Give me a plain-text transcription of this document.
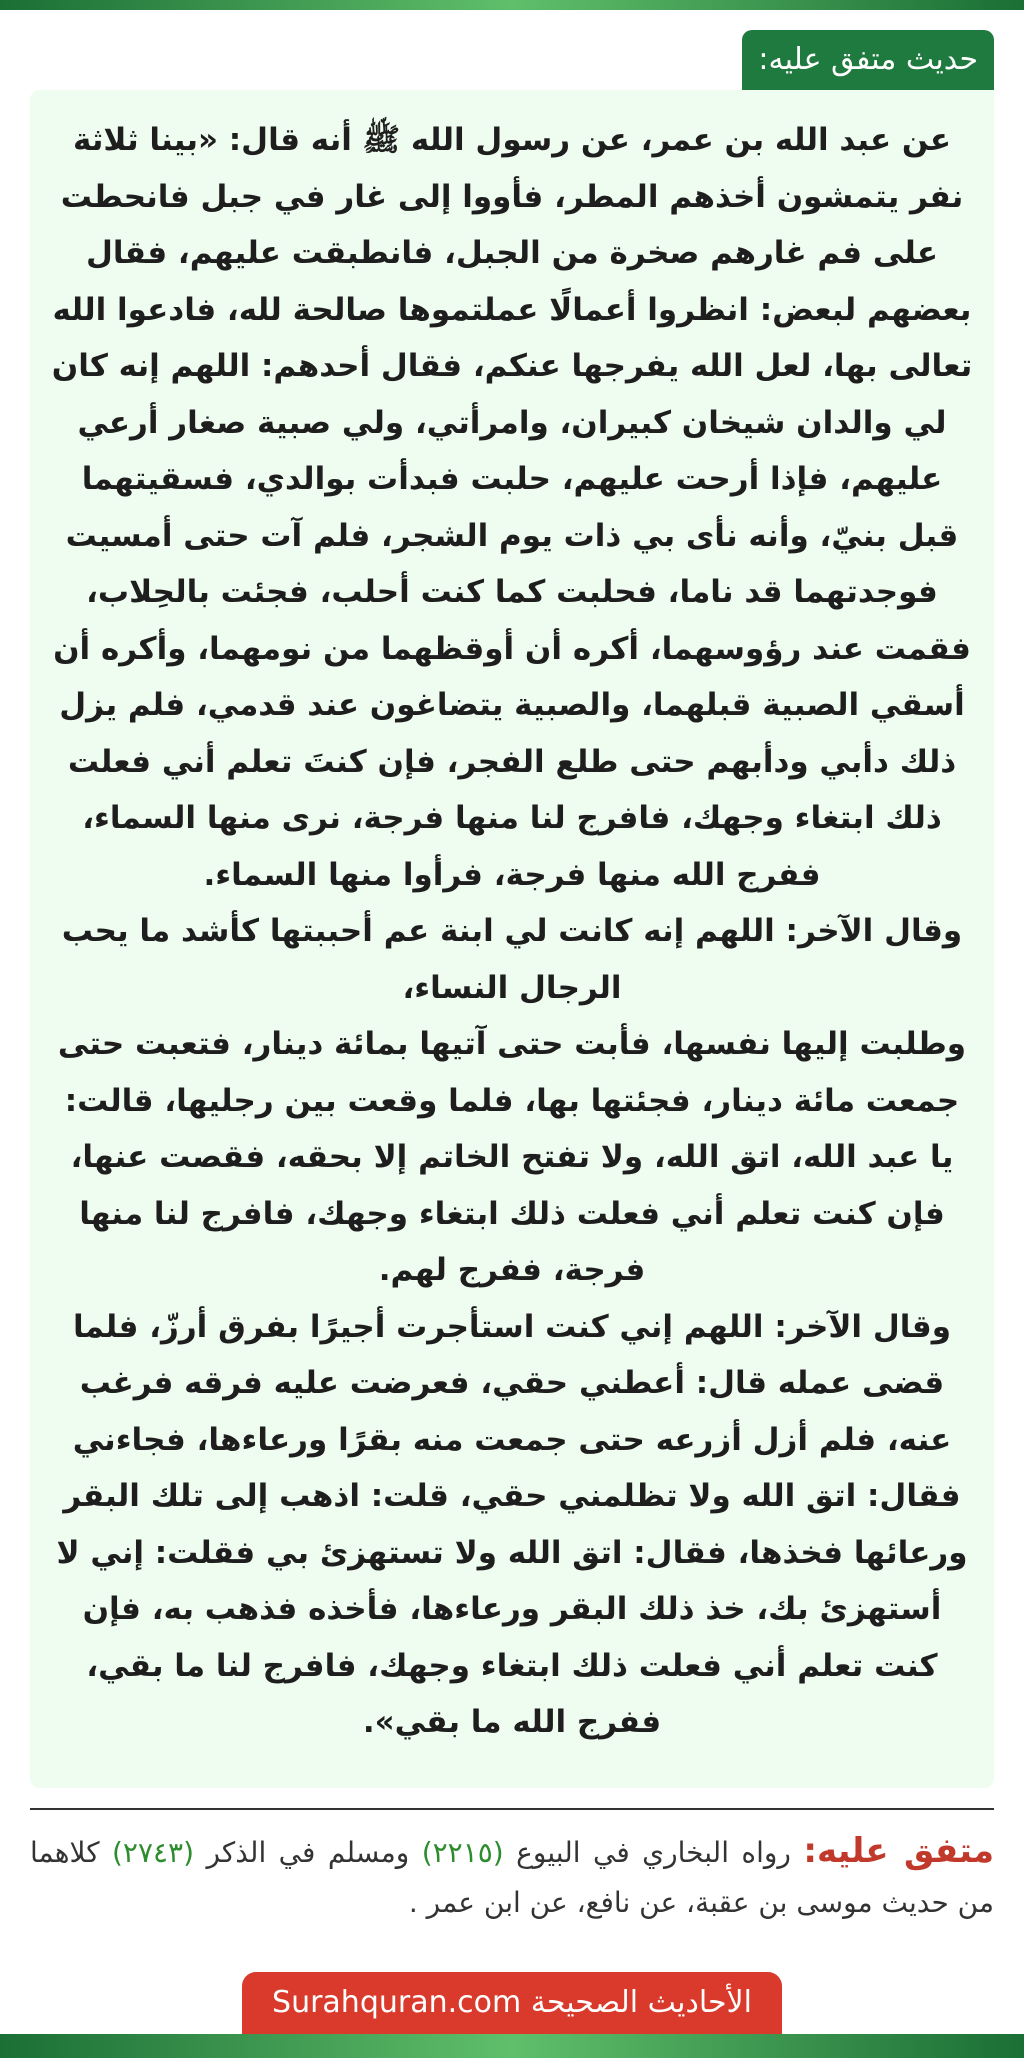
حديث متفق عليه:

عن عبد الله بن عمر، عن رسول الله ﷺ أنه قال: «بينا ثلاثة نفر يتمشون أخذهم المطر، فأووا إلى غار في جبل فانحطت على فم غارهم صخرة من الجبل، فانطبقت عليهم، فقال بعضهم لبعض: انظروا أعمالًا عملتموها صالحة لله، فادعوا الله تعالى بها، لعل الله يفرجها عنكم، فقال أحدهم: اللهم إنه كان لي والدان شيخان كبيران، وامرأتي، ولي صبية صغار أرعي عليهم، فإذا أرحت عليهم، حلبت فبدأت بوالدي، فسقيتهما قبل بنيّ، وأنه نأى بي ذات يوم الشجر، فلم آت حتى أمسيت فوجدتهما قد ناما، فحلبت كما كنت أحلب، فجئت بالحِلاب، فقمت عند رؤوسهما، أكره أن أوقظهما من نومهما، وأكره أن أسقي الصبية قبلهما، والصبية يتضاغون عند قدمي، فلم يزل ذلك دأبي ودأبهم حتى طلع الفجر، فإن كنتَ تعلم أني فعلت ذلك ابتغاء وجهك، فافرج لنا منها فرجة، نرى منها السماء، ففرج الله منها فرجة، فرأوا منها السماء.

وقال الآخر: اللهم إنه كانت لي ابنة عم أحببتها كأشد ما يحب الرجال النساء،

وطلبت إليها نفسها، فأبت حتى آتيها بمائة دينار، فتعبت حتى جمعت مائة دينار، فجئتها بها، فلما وقعت بين رجليها، قالت: يا عبد الله، اتق الله، ولا تفتح الخاتم إلا بحقه، فقصت عنها، فإن كنت تعلم أني فعلت ذلك ابتغاء وجهك، فافرج لنا منها فرجة، ففرج لهم.

وقال الآخر: اللهم إني كنت استأجرت أجيرًا بفرق أرزّ، فلما قضى عمله قال: أعطني حقي، فعرضت عليه فرقه فرغب عنه، فلم أزل أزرعه حتى جمعت منه بقرًا ورعاءها، فجاءني فقال: اتق الله ولا تظلمني حقي، قلت: اذهب إلى تلك البقر ورعائها فخذها، فقال: اتق الله ولا تستهزئ بي فقلت: إني لا أستهزئ بك، خذ ذلك البقر ورعاءها، فأخذه فذهب به، فإن كنت تعلم أني فعلت ذلك ابتغاء وجهك، فافرج لنا ما بقي، ففرج الله ما بقي».

متفق عليه: رواه البخاري في البيوع (٢٢١٥) ومسلم في الذكر (٢٧٤٣) كلاهما من حديث موسى بن عقبة، عن نافع، عن ابن عمر .
الأحاديث الصحيحة Surahquran.com
